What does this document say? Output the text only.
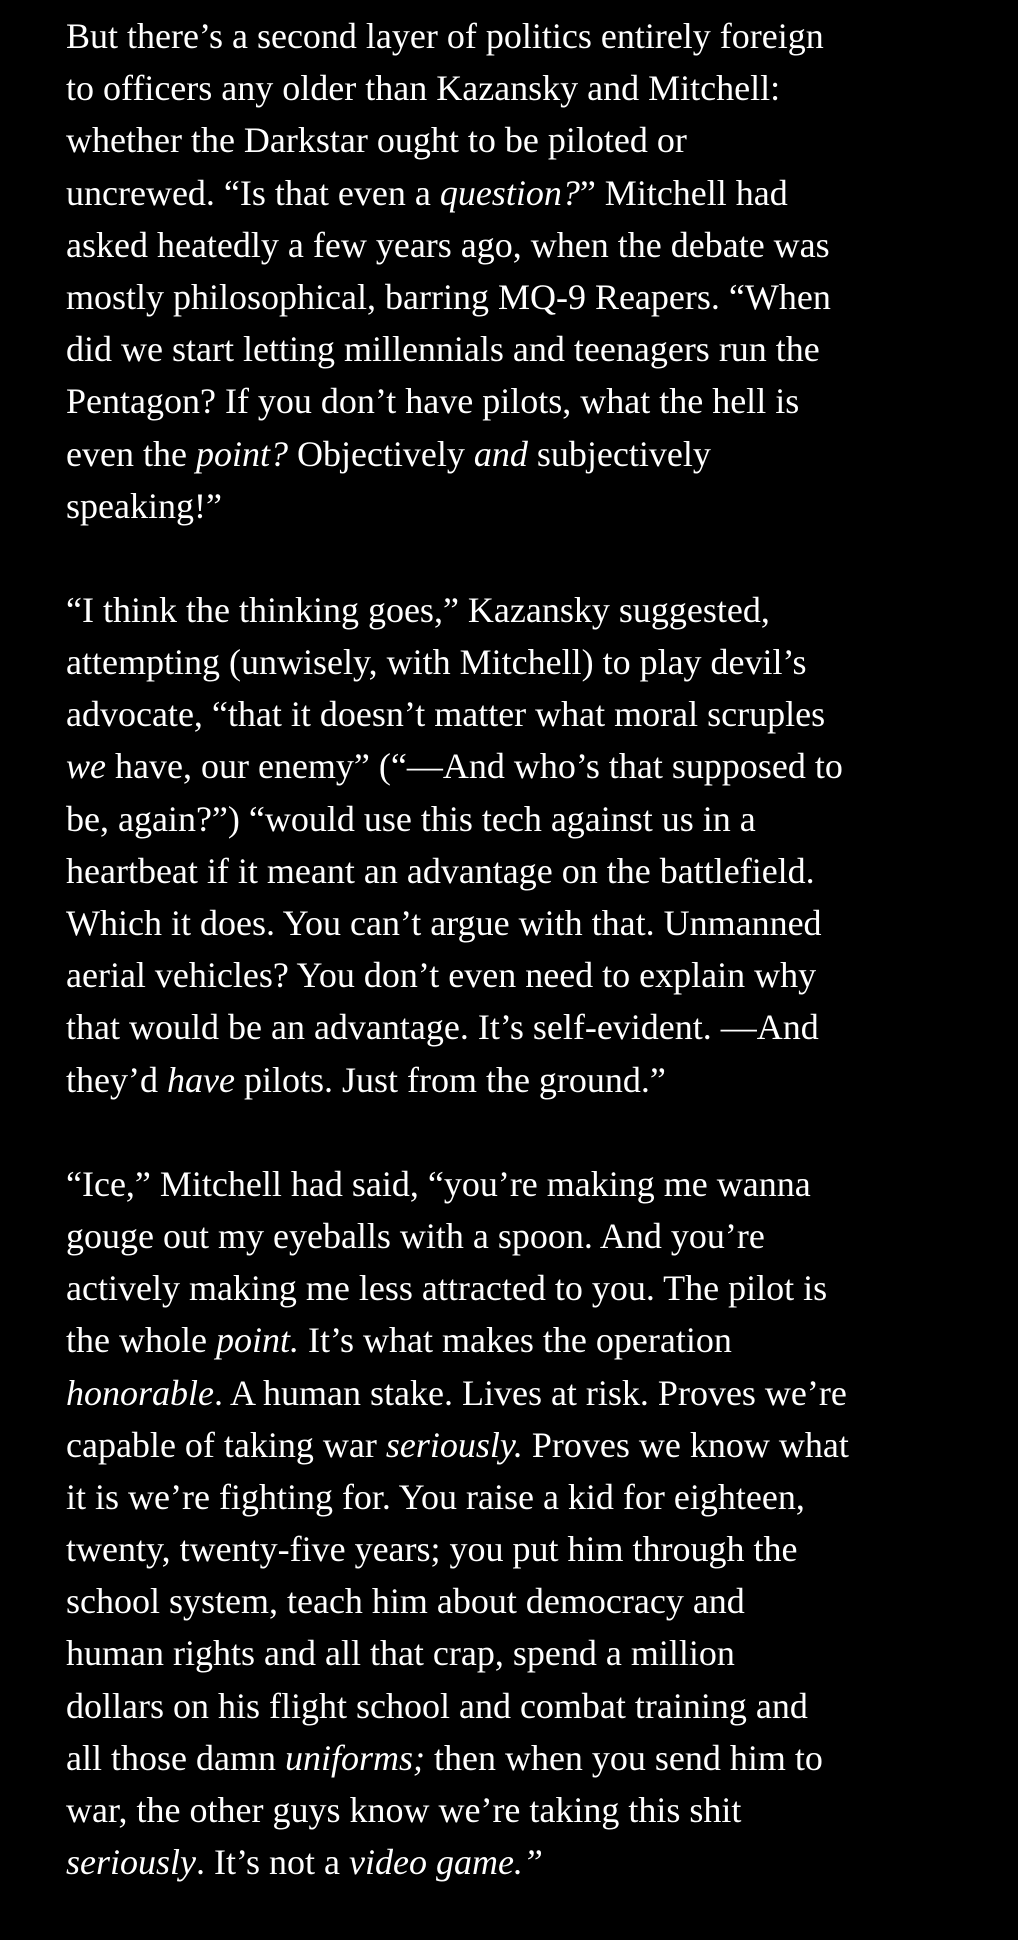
But there’s a second layer of politics entirely foreign
to officers any older than Kazansky and Mitchell:
whether the Darkstar ought to be piloted or
uncrewed. “Is that even a question?” Mitchell had
asked heatedly a few years ago, when the debate was
mostly philosophical, barring MQ-9 Reapers. “When
did we start letting millennials and teenagers run the
Pentagon? If you don’t have pilots, what the hell is
even the point? Objectively and subjectively
speaking!”
“I think the thinking goes,” Kazansky suggested,
attempting (unwisely, with Mitchell) to play devil’s
advocate, “that it doesn’t matter what moral scruples
we have, our enemy” (“—And who’s that supposed to
be, again?”) “would use this tech against us in a
heartbeat if it meant an advantage on the battlefield.
Which it does. You can’t argue with that. Unmanned
aerial vehicles? You don’t even need to explain why
that would be an advantage. It’s self-evident. —And
they’d have pilots. Just from the ground.”
“Ice,” Mitchell had said, “you’re making me wanna
gouge out my eyeballs with a spoon. And you’re
actively making me less attracted to you. The pilot is
the whole point. It’s what makes the operation
honorable. A human stake. Lives at risk. Proves we’re
capable of taking war seriously. Proves we know what
it is we’re fighting for. You raise a kid for eighteen,
twenty, twenty-five years; you put him through the
school system, teach him about democracy and
human rights and all that crap, spend a million
dollars on his flight school and combat training and
all those damn uniforms; then when you send him to
war, the other guys know we’re taking this shit
seriously. It’s not a video game.”
